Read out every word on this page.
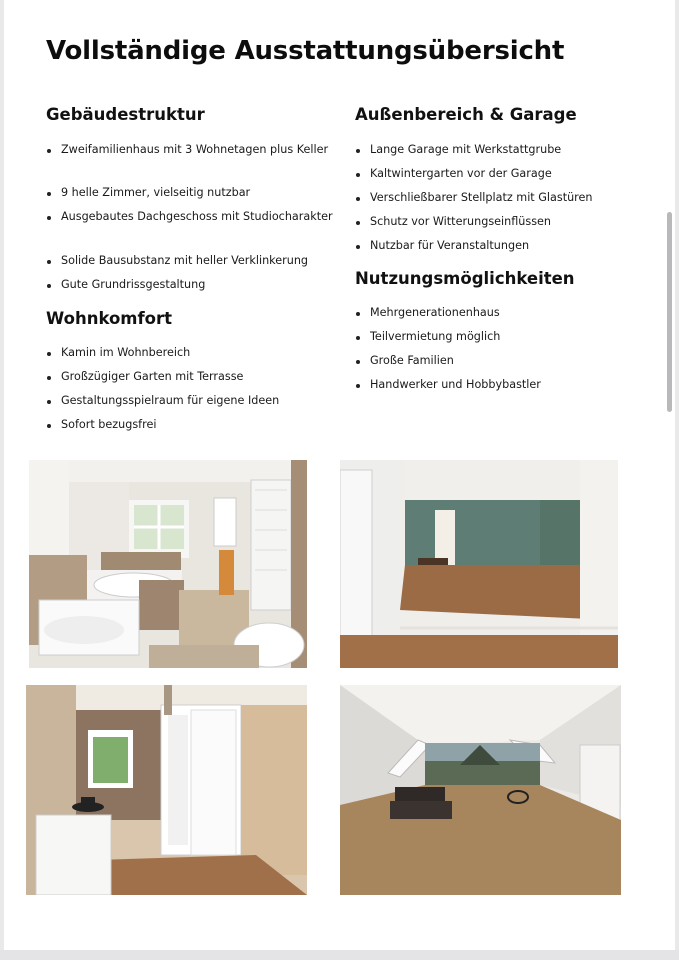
Vollständige Ausstattungsübersicht
Gebäudestruktur
Zweifamilienhaus mit 3 Wohnetagen plus Keller
9 helle Zimmer, vielseitig nutzbar
Ausgebautes Dachgeschoss mit Studiocharakter
Solide Bausubstanz mit heller Verklinkerung
Gute Grundrissgestaltung
Wohnkomfort
Kamin im Wohnbereich
Großzügiger Garten mit Terrasse
Gestaltungsspielraum für eigene Ideen
Sofort bezugsfrei
Außenbereich & Garage
Lange Garage mit Werkstattgrube
Kaltwintergarten vor der Garage
Verschließbarer Stellplatz mit Glastüren
Schutz vor Witterungseinflüssen
Nutzbar für Veranstaltungen
Nutzungsmöglichkeiten
Mehrgenerationenhaus
Teilvermietung möglich
Große Familien
Handwerker und Hobbybastler
